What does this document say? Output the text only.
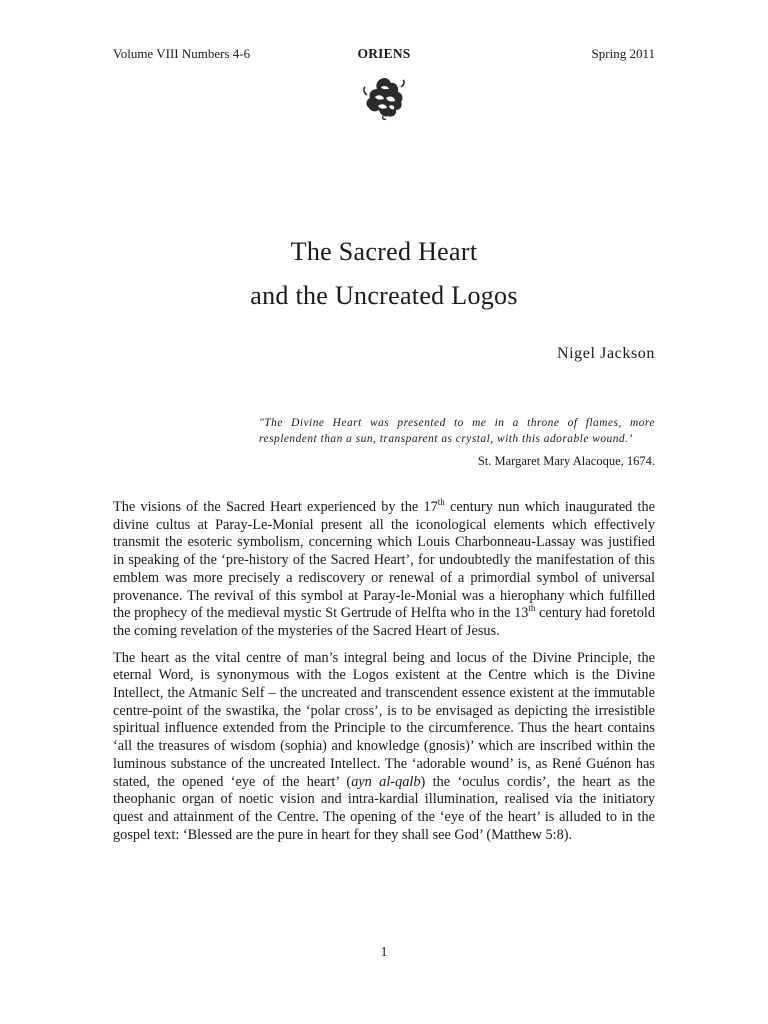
Volume VIII Numbers 4-6	ORIENS	Spring 2011
The Sacred Heart
and the Uncreated Logos
Nigel Jackson
"The Divine Heart was presented to me in a throne of flames, more resplendent than a sun, transparent as crystal, with this adorable wound.’
St. Margaret Mary Alacoque, 1674.

The visions of the Sacred Heart experienced by the 17th century nun which inaugurated the divine cultus at Paray-Le-Monial present all the iconological elements which effectively transmit the esoteric symbolism, concerning which Louis Charbonneau-Lassay was justified in speaking of the ‘pre-history of the Sacred Heart’, for undoubtedly the manifestation of this emblem was more precisely a rediscovery or renewal of a primordial symbol of universal provenance. The revival of this symbol at Paray-le-Monial was a hierophany which fulfilled the prophecy of the medieval mystic St Gertrude of Helfta who in the 13th century had foretold the coming revelation of the mysteries of the Sacred Heart of Jesus.

The heart as the vital centre of man’s integral being and locus of the Divine Principle, the eternal Word, is synonymous with the Logos existent at the Centre which is the Divine Intellect, the Atmanic Self – the uncreated and transcendent essence existent at the immutable centre-point of the swastika, the ‘polar cross’, is to be envisaged as depicting the irresistible spiritual influence extended from the Principle to the circumference. Thus the heart contains ‘all the treasures of wisdom (sophia) and knowledge (gnosis)’ which are inscribed within the luminous substance of the uncreated Intellect. The ‘adorable wound’ is, as René Guénon has stated, the opened ‘eye of the heart’ (ayn al-qalb) the ‘oculus cordis’, the heart as the theophanic organ of noetic vision and intra-kardial illumination, realised via the initiatory quest and attainment of the Centre. The opening of the ‘eye of the heart’ is alluded to in the gospel text: ‘Blessed are the pure in heart for they shall see God’ (Matthew 5:8).

1
